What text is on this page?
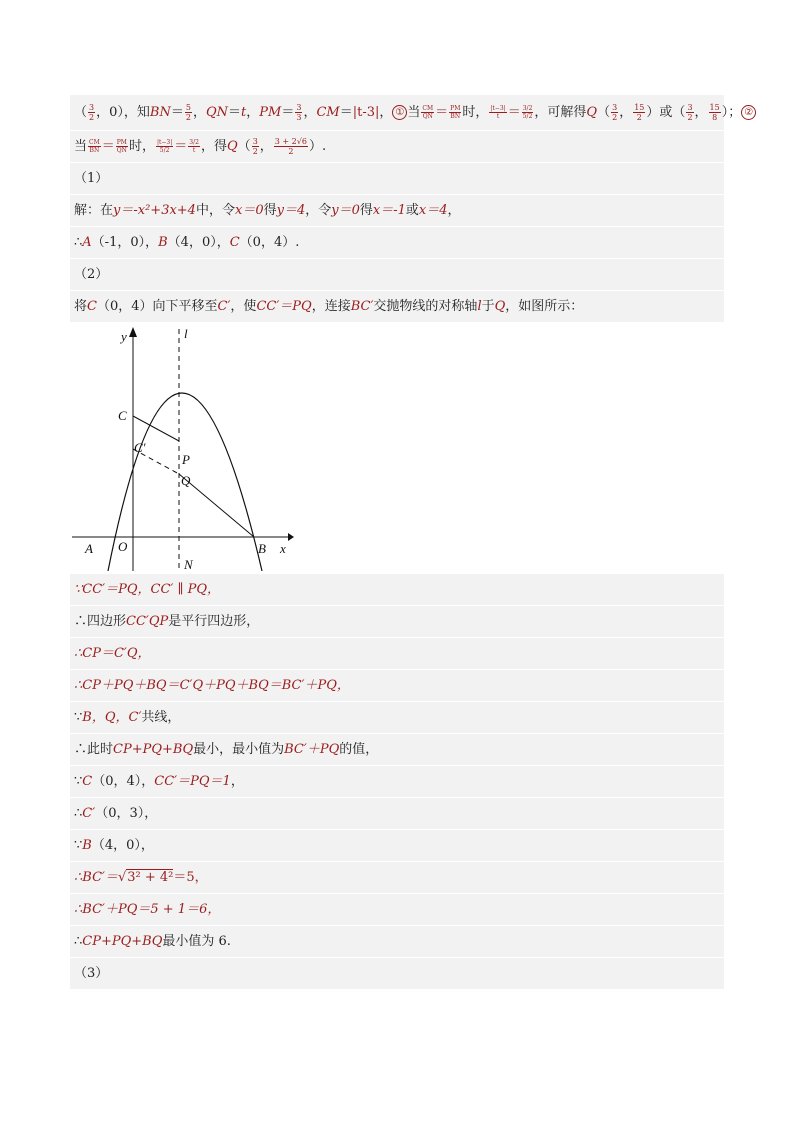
（ $\frac{3}{2}$ ，0），知$BN= \frac{5}{2}$ ，QN＝t，$PM= \frac{3}{3}$ ，CM＝|t-3|， ① 当 $\frac{CM}{QN} = \frac{PM}{BN}$ 时， $\frac{|t-3|}{t} = \frac{3/2}{5/2}$ ，可解得$Q( \frac{3}{2}$ ， $\frac{15}{2}$ ）或（ $\frac{3}{2}$ ， $\frac{15}{8}$ ）； ②
当 $\frac{CM}{BN} = \frac{PM}{QN}$ 时， $\frac{|t-3|}{5/2} = \frac{3/2}{t}$ ，得$Q( \frac{3}{2}$ ， $\frac{3 + 2√6}{2}$ ）.
（1）
解：在y＝-x²+3x+4中，令x＝0得y＝4，令y＝0得x＝-1或x＝4，
∴A（-1，0），B（4，0），C（0，4）.
（2）
将C（0，4）向下平移至C′，使CC′＝PQ，连接BC′交抛物线的对称轴l于Q，如图所示：
y	l
x
C
C′
P
Q
A O	B
N
∵CC′＝PQ，CC′ ∥ PQ，
∴四边形CC′QP是平行四边形，
∴CP＝C′Q，
∴CP＋PQ＋BQ＝C′Q＋PQ＋BQ＝BC′＋PQ，
∵B，Q，C′共线，
∴此时CP+PQ+BQ最小，最小值为BC′＋PQ的值，
∵C（0，4），CC′＝PQ＝1，
∴C′（0，3），
∵B（4，0），
∴BC′＝√3² + 4²＝5，
∴BC′＋PQ＝5 + 1＝6，
∴CP+PQ+BQ最小值为 6.
（3）
